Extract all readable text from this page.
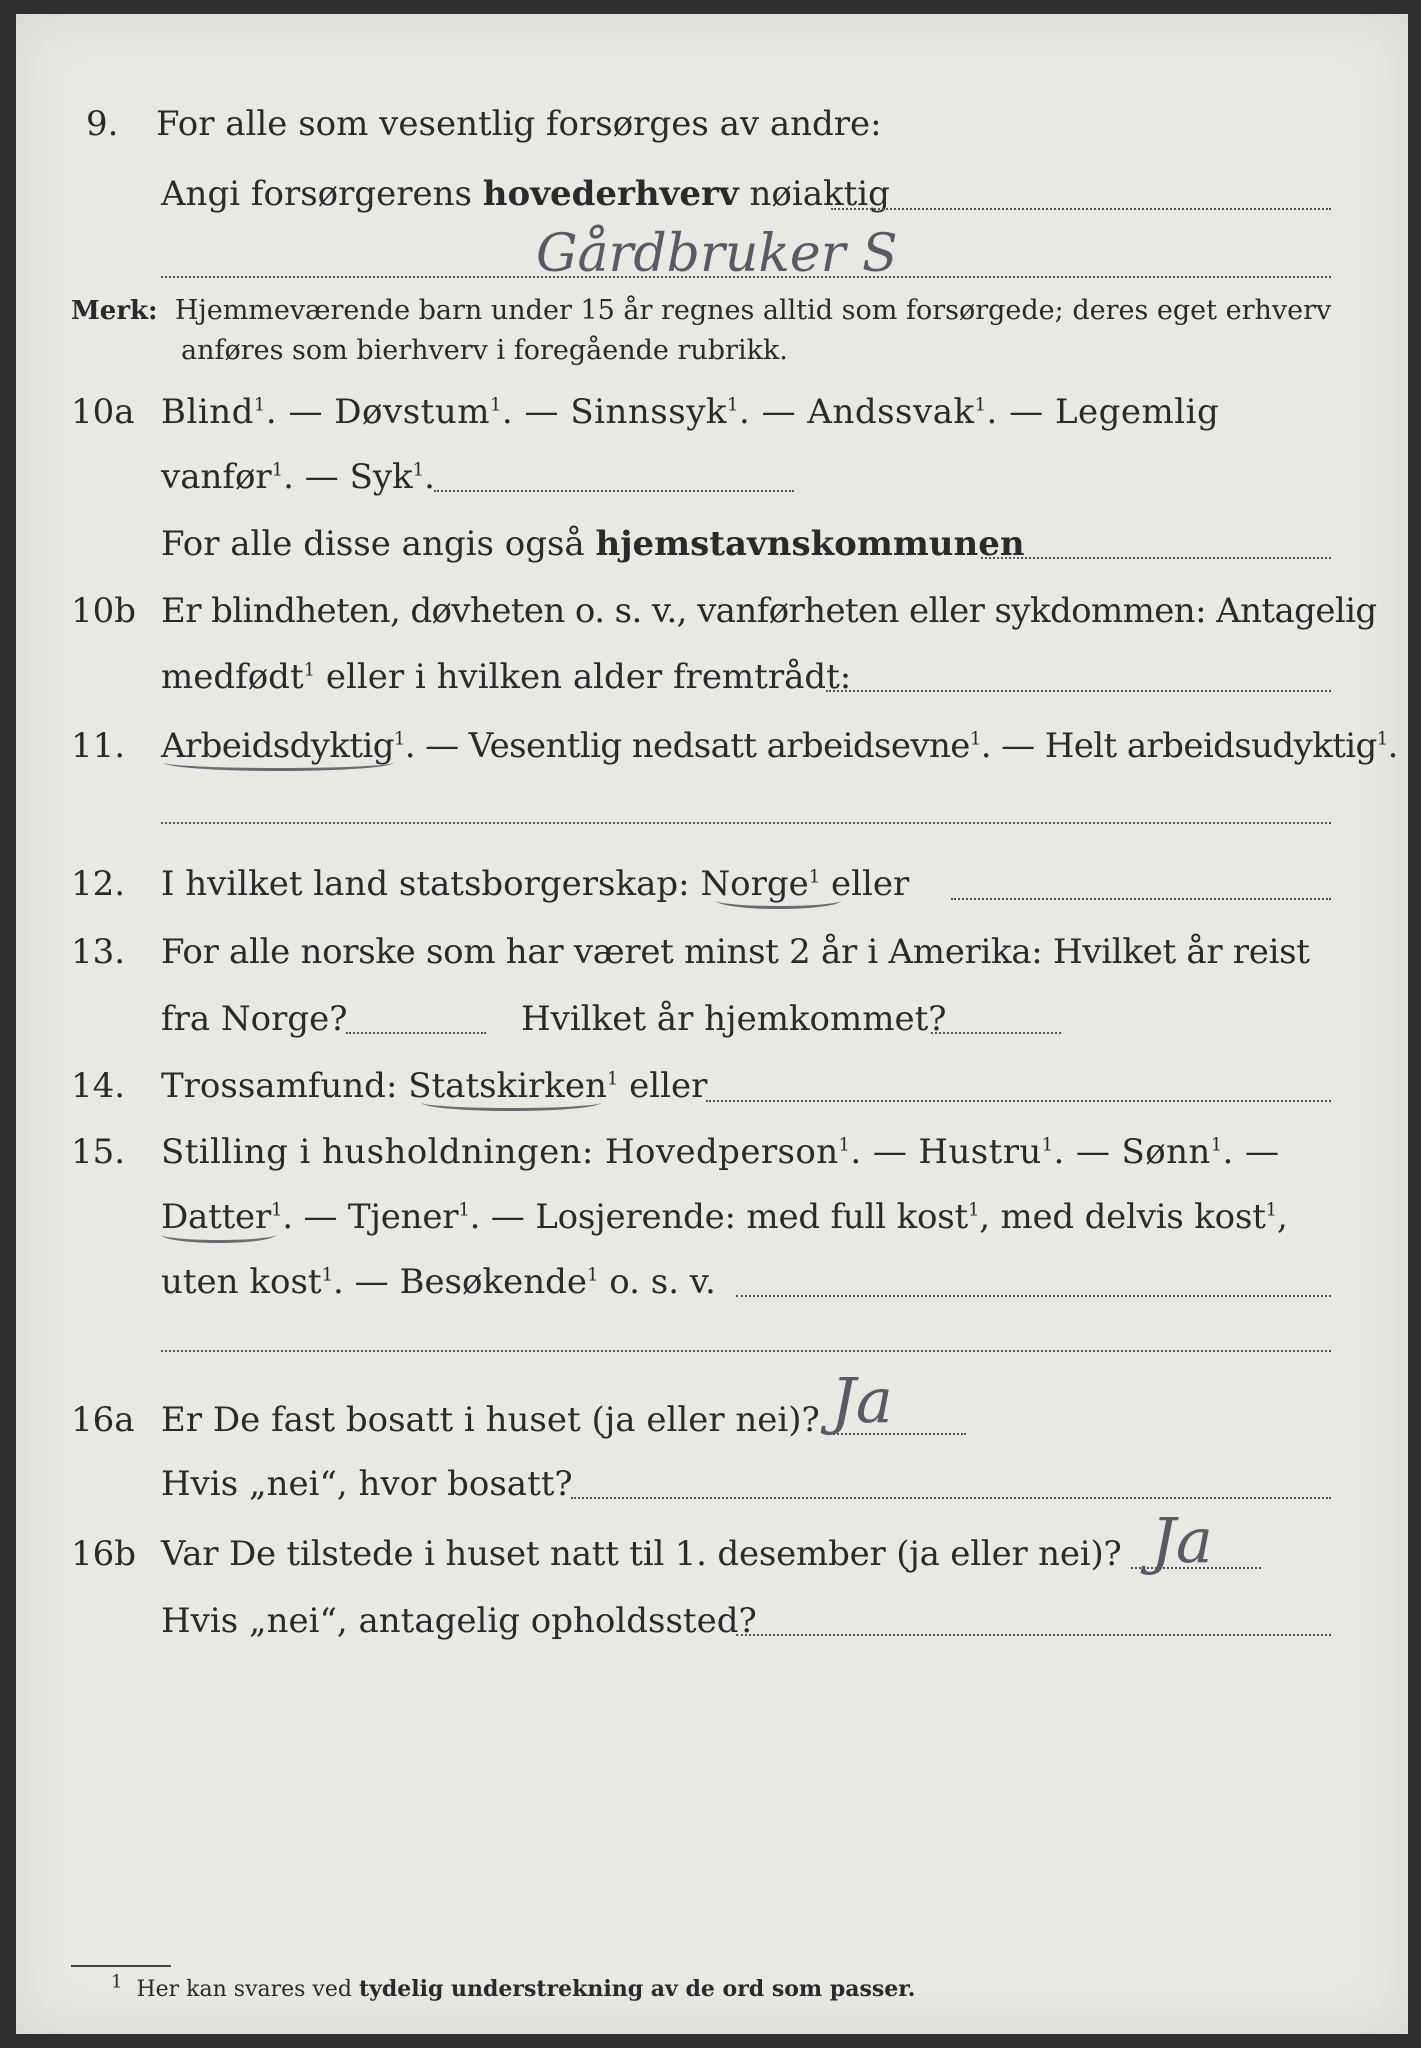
9. For alle som vesentlig forsørges av andre:
Angi forsørgerens hovederhverv nøiaktig
Gårdbruker S
Merk: Hjemmeværende barn under 15 år regnes alltid som forsørgede; deres eget erhverv
anføres som bierhverv i foregående rubrikk.
10a Blind$^1$. — Døvstum$^1$. — Sinnssyk$^1$. — Andssvak$^1$. — Legemlig
vanfør$^1$. — Syk$^1$.
For alle disse angis også hjemstavnskommunen
10b Er blindheten, døvheten o. s. v., vanførheten eller sykdommen: Antagelig
medfødt$^1$ eller i hvilken alder fremtrådt:
11. Arbeidsdyktig$^1$. — Vesentlig nedsatt arbeidsevne$^1$. — Helt arbeidsudyktig$^1$.
12. I hvilket land statsborgerskap: Norge$^1$ eller
13. For alle norske som har været minst 2 år i Amerika: Hvilket år reist
fra Norge?	Hvilket år hjemkommet?
14. Trossamfund: Statskirken$^1$ eller
15. Stilling i husholdningen: Hovedperson$^1$. — Hustru$^1$. — Sønn$^1$. —
Datter$^1$. — Tjener$^1$. — Losjerende: med full kost$^1$, med delvis kost$^1$,
uten kost$^1$. — Besøkende$^1$ o. s. v.
16a Er De fast bosatt i huset (ja eller nei)? Ja
Hvis „nei“, hvor bosatt?
16b Var De tilstede i huset natt til 1. desember (ja eller nei)? Ja
Hvis „nei“, antagelig opholdssted?
$^1$ Her kan svares ved tydelig understrekning av de ord som passer.
